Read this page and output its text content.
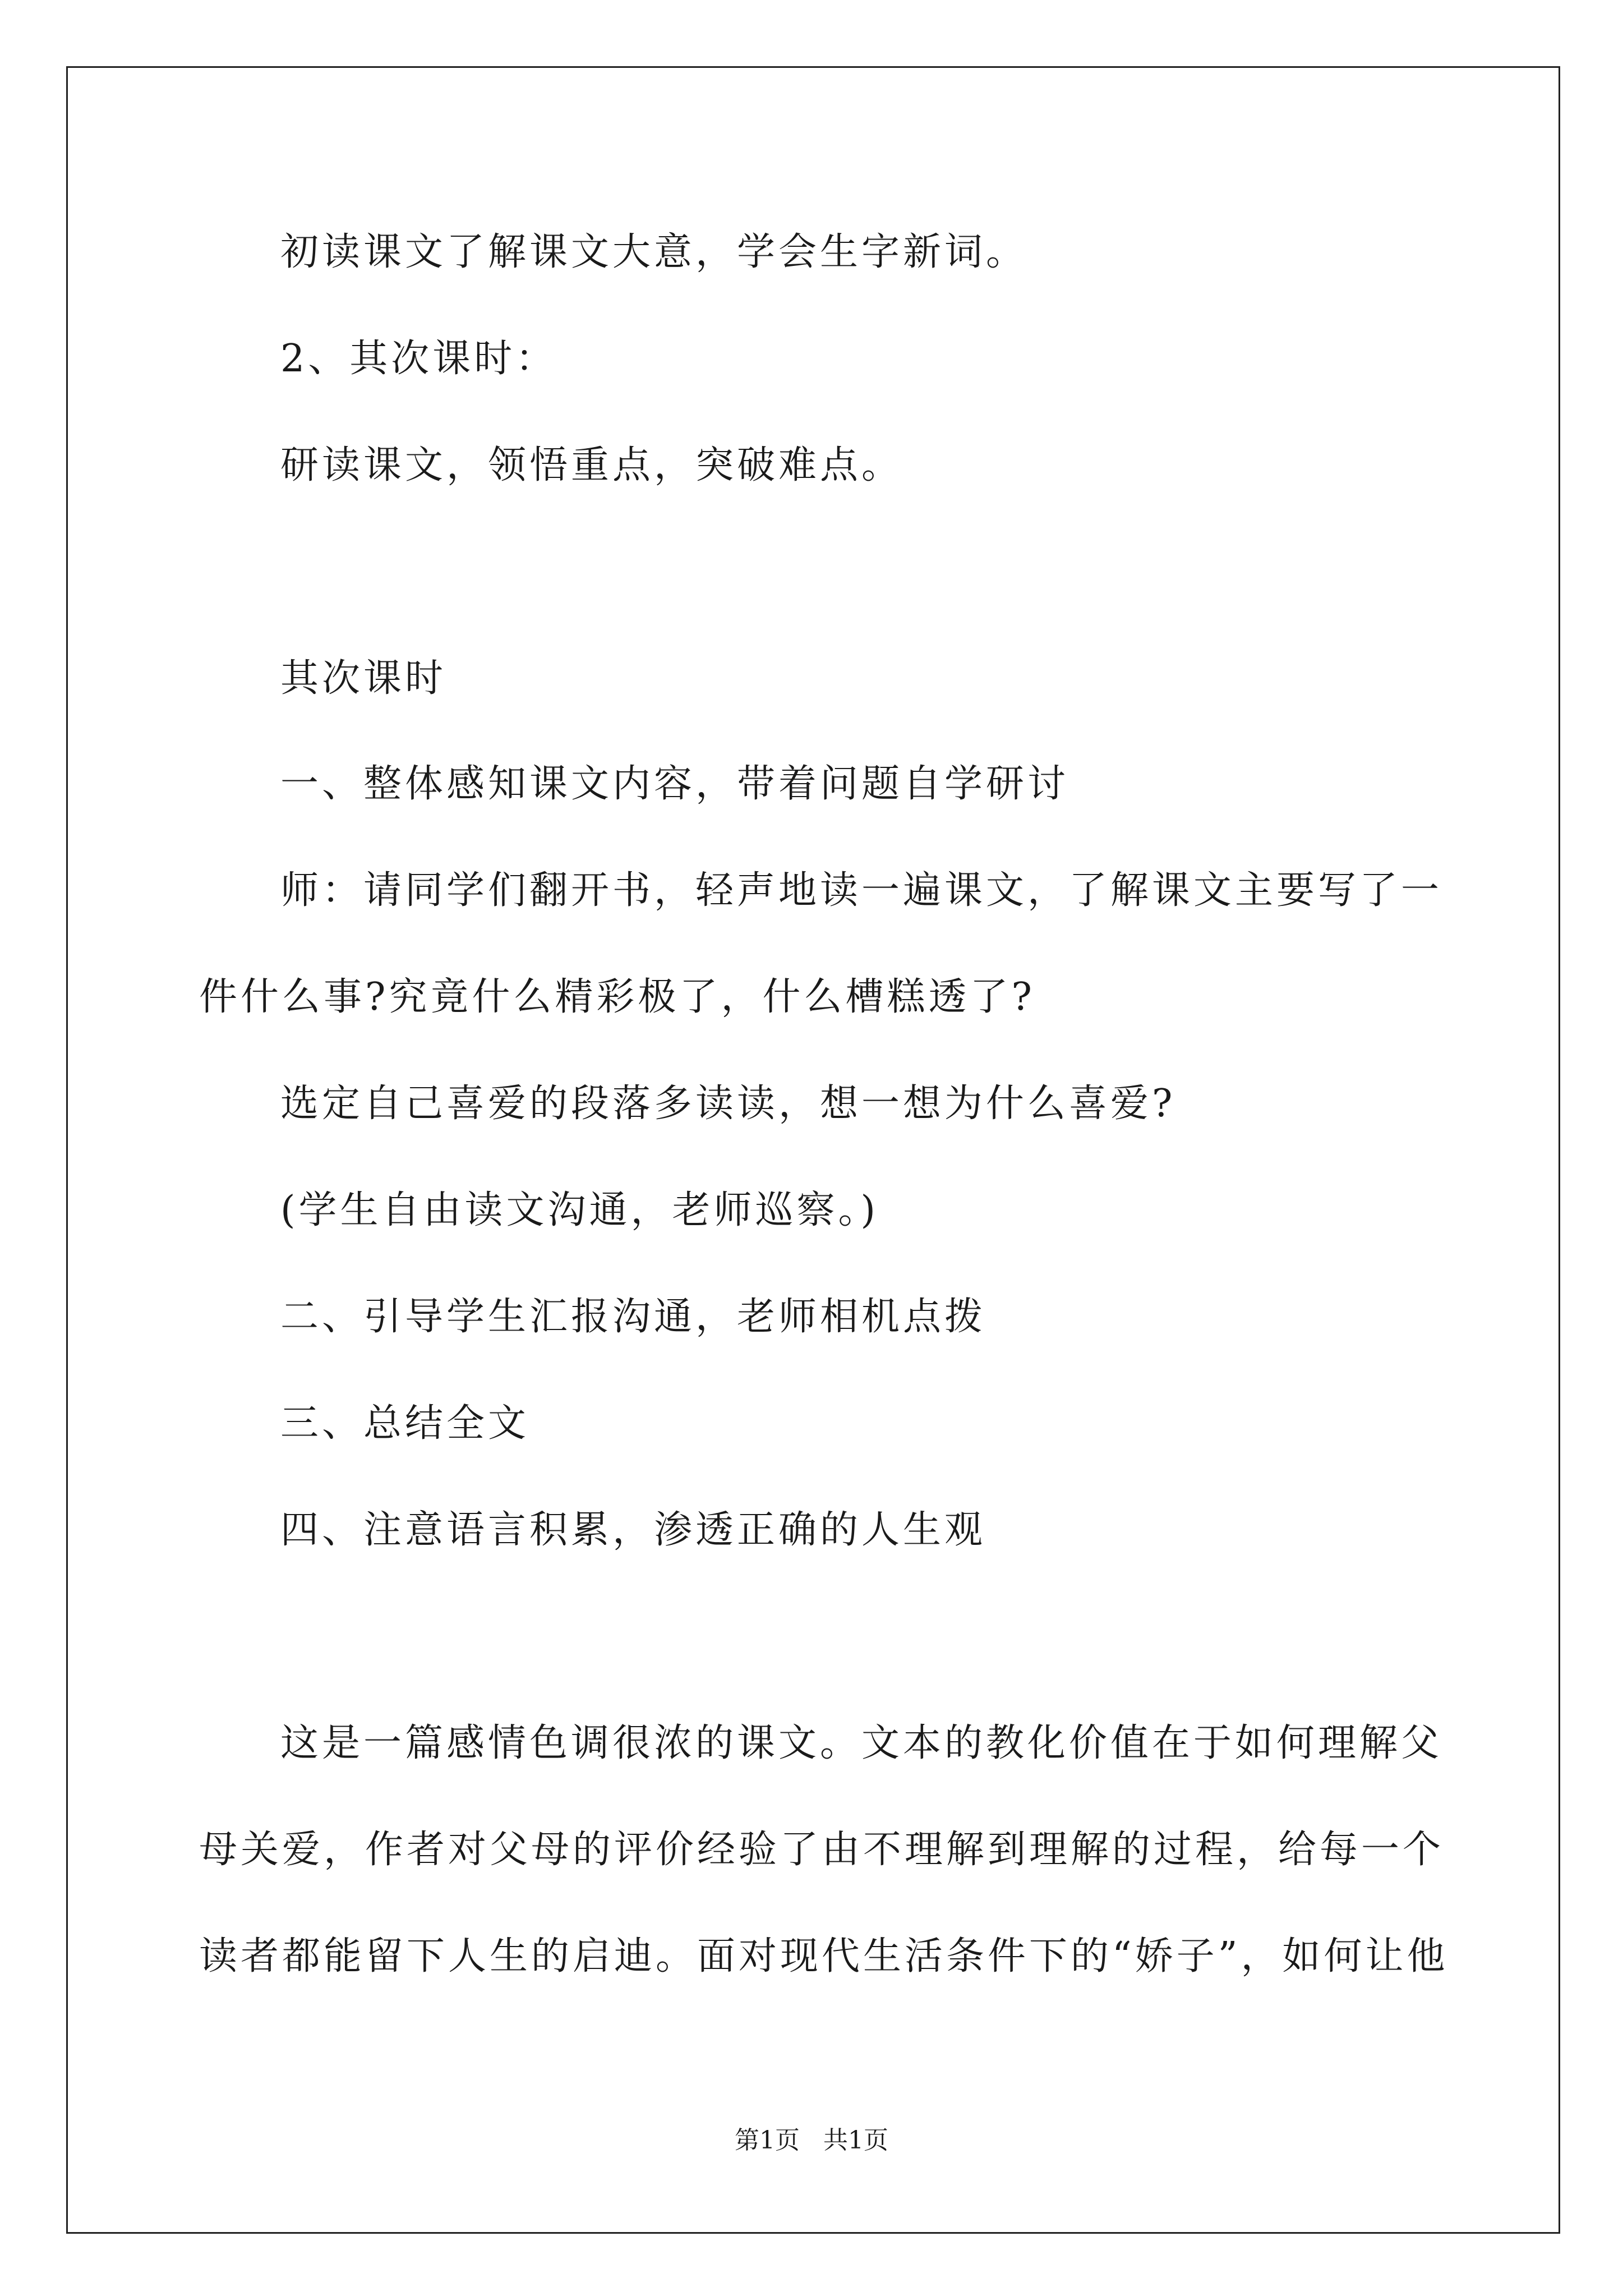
初读课文了解课文大意，学会生字新词。
2、其次课时：
研读课文，领悟重点，突破难点。
其次课时
一、整体感知课文内容，带着问题自学研讨
师：请同学们翻开书，轻声地读一遍课文，了解课文主要写了一
件什么事?究竟什么精彩极了，什么槽糕透了?
选定自己喜爱的段落多读读，想一想为什么喜爱?
(学生自由读文沟通，老师巡察。)
二、引导学生汇报沟通，老师相机点拨
三、总结全文
四、注意语言积累，渗透正确的人生观
这是一篇感情色调很浓的课文。文本的教化价值在于如何理解父
母关爱，作者对父母的评价经验了由不理解到理解的过程，给每一个
读者都能留下人生的启迪。面对现代生活条件下的“娇子”，如何让他
第1页   共1页
